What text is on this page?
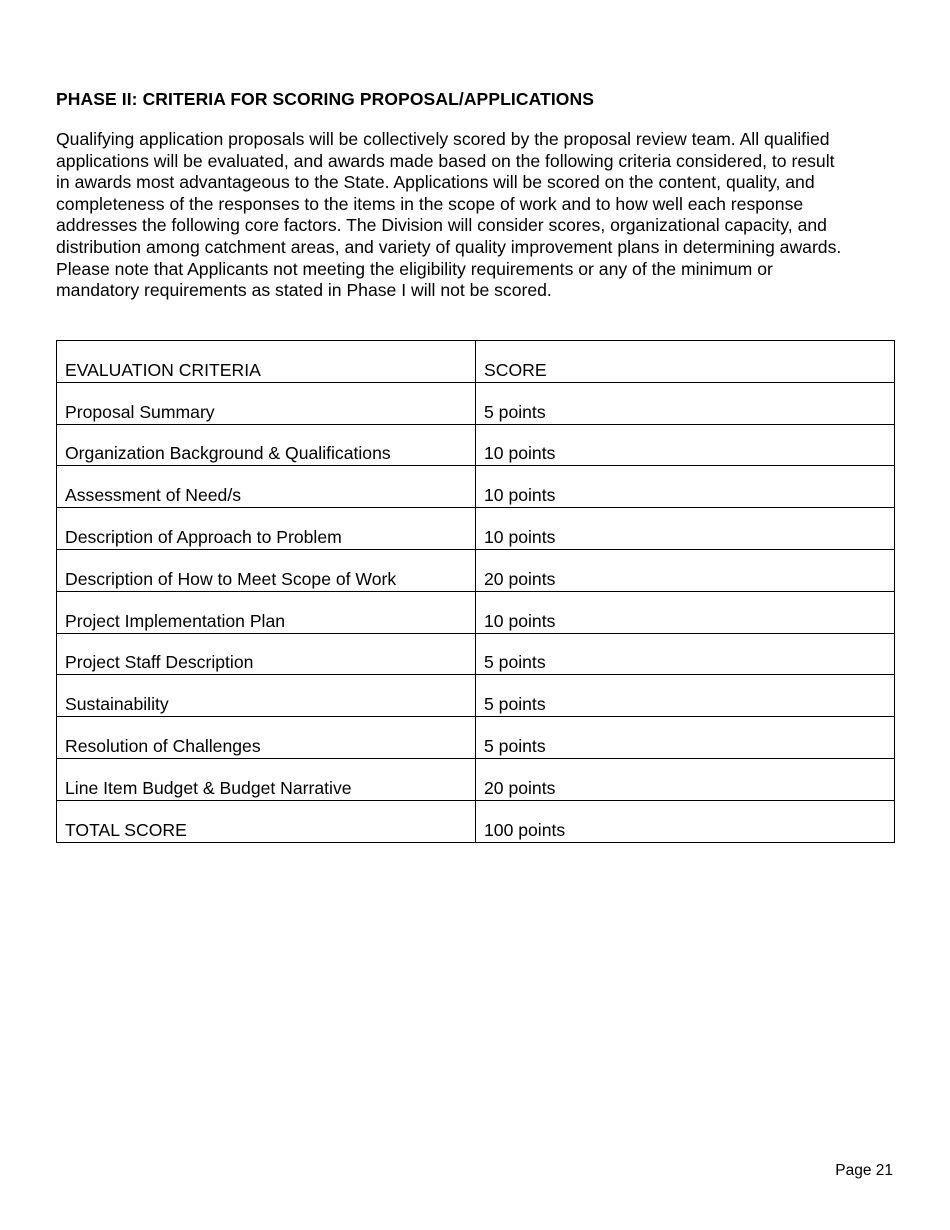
PHASE II: CRITERIA FOR SCORING PROPOSAL/APPLICATIONS
Qualifying application proposals will be collectively scored by the proposal review team. All qualified
applications will be evaluated, and awards made based on the following criteria considered, to result
in awards most advantageous to the State. Applications will be scored on the content, quality, and
completeness of the responses to the items in the scope of work and to how well each response
addresses the following core factors. The Division will consider scores, organizational capacity, and
distribution among catchment areas, and variety of quality improvement plans in determining awards.
Please note that Applicants not meeting the eligibility requirements or any of the minimum or
mandatory requirements as stated in Phase I will not be scored.
EVALUATION CRITERIA	SCORE

Proposal Summary	5 points

Organization Background & Qualifications	10 points

Assessment of Need/s	10 points

Description of Approach to Problem	10 points

Description of How to Meet Scope of Work	20 points

Project Implementation Plan	10 points

Project Staff Description	5 points

Sustainability	5 points

Resolution of Challenges	5 points

Line Item Budget & Budget Narrative	20 points

TOTAL SCORE	100 points
Page 21
